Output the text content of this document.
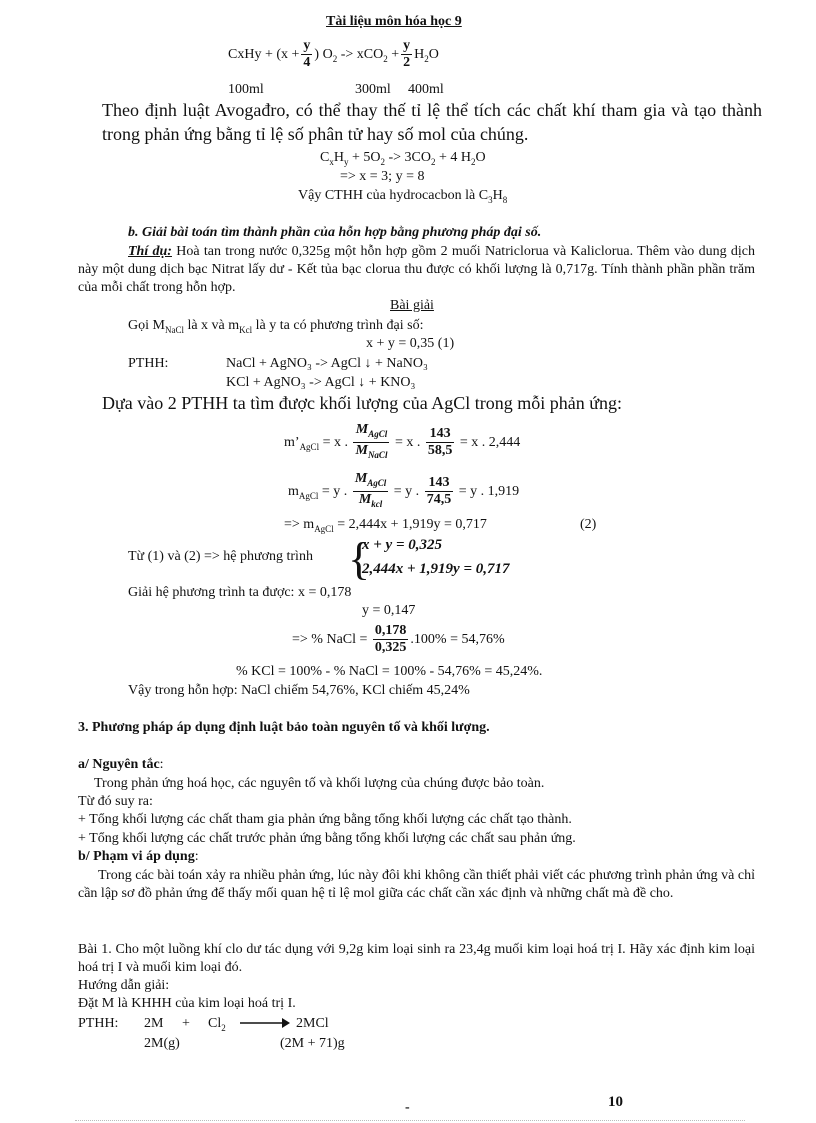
Tài liệu môn hóa học 9
CxHy + ($x + \frac{y}{4}$ ) $O_2 -> xCO_2 + \frac{y}{2} H_2O$
100ml	300ml 400ml
Theo định luật Avogađro, có thể thay thế tỉ lệ thể tích các chất khí tham gia và tạo thành trong phản ứng bằng tỉ lệ số phân tử hay số mol của chúng.
$C_xH_y + 5O_2 -> 3CO_2 + 4$ $H_2O$
=> x = 3; y = 8
Vậy CTHH của hydrocacbon là $C_3H_8$
b. Giải bài toán tìm thành phần của hỗn hợp bằng phương pháp đại số.
Thí dụ: Hoà tan trong nước 0,325g một hỗn hợp gồm 2 muối Natriclorua và Kaliclorua. Thêm vào dung dịch này một dung dịch bạc Nitrat lấy dư - Kết tủa bạc clorua thu được có khối lượng là 0,717g. Tính thành phần phần trăm của mỗi chất trong hỗn hợp.
Bài giải
Gọi $M_{NaCl}$ là x và $m_{Kcl}$ là y ta có phương trình đại số:
x + y = 0,35 (1)
PTHH:	NaCl + AgNO₃ -> AgCl ↓ + NaNO₃
KCl + AgNO₃ -> AgCl ↓ + KNO₃
Dựa vào 2 PTHH ta tìm được khối lượng của AgCl trong mỗi phản ứng:
$m’_{AgCl} = x$ . $\frac{M_{AgCl}}{M_{NaCl}} = x$ . $\frac{143}{58,5} = x$ . 2,444
$m_{AgCl} = y$ . $\frac{M_{AgCl}}{M_{kcl}} = y$ . $\frac{143}{74,5} = y$ . 1,919
=> $m_{AgCl} = 2,444x + 1,919y = 0,717$	(2)
Từ (1) và (2) => hệ phương trình {
x + y = 0,325
2,444x + 1,919y = 0,717
Giải hệ phương trình ta được: x = 0,178
y = 0,147
=> % NaCl = $\frac{0,178}{0,325} .100\% = 54,76\%$
% KCl = 100% - % NaCl = 100% - 54,76% = 45,24%.
Vậy trong hỗn hợp: NaCl chiếm 54,76%, KCl chiếm 45,24%
3. Phương pháp áp dụng định luật bảo toàn nguyên tố và khối lượng.
a/ Nguyên tắc:
Trong phản ứng hoá học, các nguyên tố và khối lượng của chúng được bảo toàn.
Từ đó suy ra:
+ Tổng khối lượng các chất tham gia phản ứng bằng tổng khối lượng các chất tạo thành.
+ Tổng khối lượng các chất trước phản ứng bằng tổng khối lượng các chất sau phản ứng.
b/ Phạm vi áp dụng:
Trong các bài toán xảy ra nhiều phản ứng, lúc này đôi khi không cần thiết phải viết các phương trình phản ứng và chỉ cần lập sơ đồ phản ứng để thấy mối quan hệ tỉ lệ mol giữa các chất cần xác định và những chất mà đề cho.
Bài 1. Cho một luồng khí clo dư tác dụng với 9,2g kim loại sinh ra 23,4g muối kim loại hoá trị I. Hãy xác định kim loại hoá trị I và muối kim loại đó.
Hướng dẫn giải:
Đặt M là KHHH của kim loại hoá trị I.
PTHH: $2M + Cl_2$	2MCl
2M(g)	(2M + 71)g
-	10
